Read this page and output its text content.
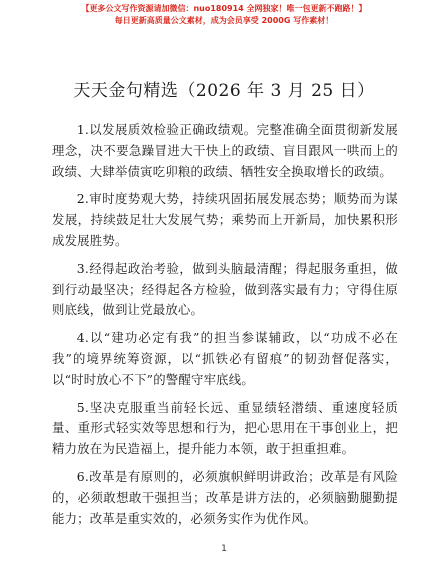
【更多公文写作资源请加微信：nuo180914 全网独家！唯一包更新不跑路！】
每日更新高质量公文素材，成为会员享受 2000G 写作素材！
天天金句精选（2026 年 3 月 25 日）

1.以发展质效检验正确政绩观。完整准确全面贯彻新发展理念，决不要急躁冒进大干快上的政绩、盲目跟风一哄而上的政绩、大肆举债寅吃卯粮的政绩、牺牲安全换取增长的政绩。

2.审时度势观大势，持续巩固拓展发展态势；顺势而为谋发展，持续鼓足壮大发展气势；乘势而上开新局，加快累积形成发展胜势。

3.经得起政治考验，做到头脑最清醒；得起服务重担，做到行动最坚决；经得起各方检验，做到落实最有力；守得住原则底线，做到让党最放心。

4.以“建功必定有我”的担当参谋辅政，以“功成不必在我”的境界统筹资源，以“抓铁必有留痕”的韧劲督促落实，以“时时放心不下”的警醒守牢底线。

5.坚决克服重当前轻长远、重显绩轻潜绩、重速度轻质量、重形式轻实效等思想和行为，把心思用在干事创业上，把精力放在为民造福上，提升能力本领，敢于担重担难。

6.改革是有原则的，必须旗帜鲜明讲政治；改革是有风险的，必须敢想敢干强担当；改革是讲方法的，必须脑勤腿勤提能力；改革是重实效的，必须务实作为优作风。

1
